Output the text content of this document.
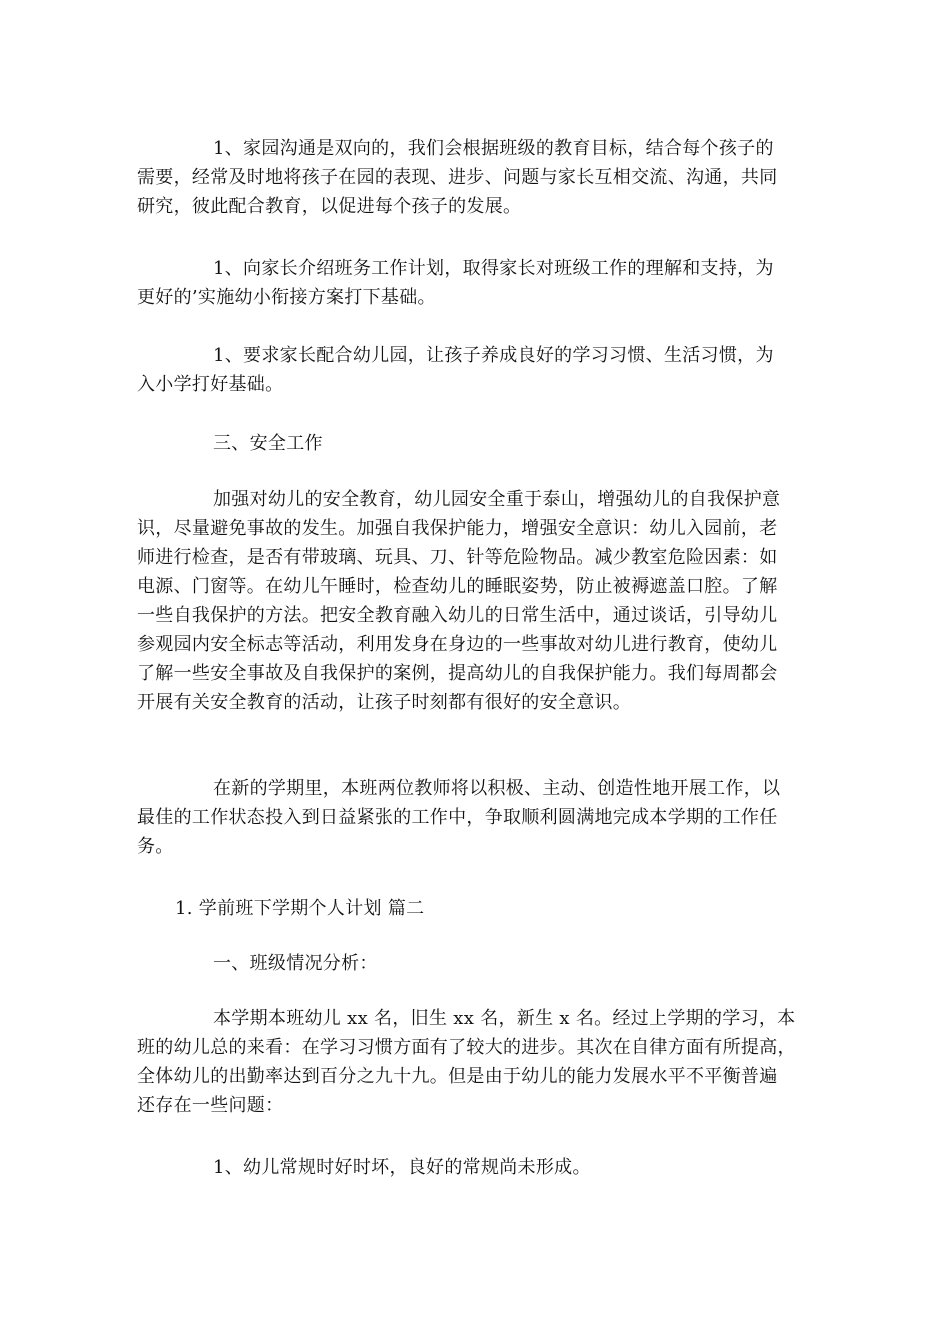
1、家园沟通是双向的，我们会根据班级的教育目标，结合每个孩子的
需要，经常及时地将孩子在园的表现、进步、问题与家长互相交流、沟通，共同
研究，彼此配合教育，以促进每个孩子的发展。

1、向家长介绍班务工作计划，取得家长对班级工作的理解和支持，为
更好的’实施幼小衔接方案打下基础。

1、要求家长配合幼儿园，让孩子养成良好的学习习惯、生活习惯，为
入小学打好基础。

三、安全工作

加强对幼儿的安全教育，幼儿园安全重于泰山，增强幼儿的自我保护意
识，尽量避免事故的发生。加强自我保护能力，增强安全意识：幼儿入园前，老
师进行检查，是否有带玻璃、玩具、刀、针等危险物品。减少教室危险因素：如
电源、门窗等。在幼儿午睡时，检查幼儿的睡眠姿势，防止被褥遮盖口腔。了解
一些自我保护的方法。把安全教育融入幼儿的日常生活中，通过谈话，引导幼儿
参观园内安全标志等活动，利用发身在身边的一些事故对幼儿进行教育，使幼儿
了解一些安全事故及自我保护的案例，提高幼儿的自我保护能力。我们每周都会
开展有关安全教育的活动，让孩子时刻都有很好的安全意识。

在新的学期里，本班两位教师将以积极、主动、创造性地开展工作，以
最佳的工作状态投入到日益紧张的工作中，争取顺利圆满地完成本学期的工作任
务。

1. 学前班下学期个人计划 篇二

一、班级情况分析：

本学期本班幼儿 xx 名，旧生 xx 名，新生 x 名。经过上学期的学习，本
班的幼儿总的来看：在学习习惯方面有了较大的进步。其次在自律方面有所提高，
全体幼儿的出勤率达到百分之九十九。但是由于幼儿的能力发展水平不平衡普遍
还存在一些问题：

1、幼儿常规时好时坏，良好的常规尚未形成。
